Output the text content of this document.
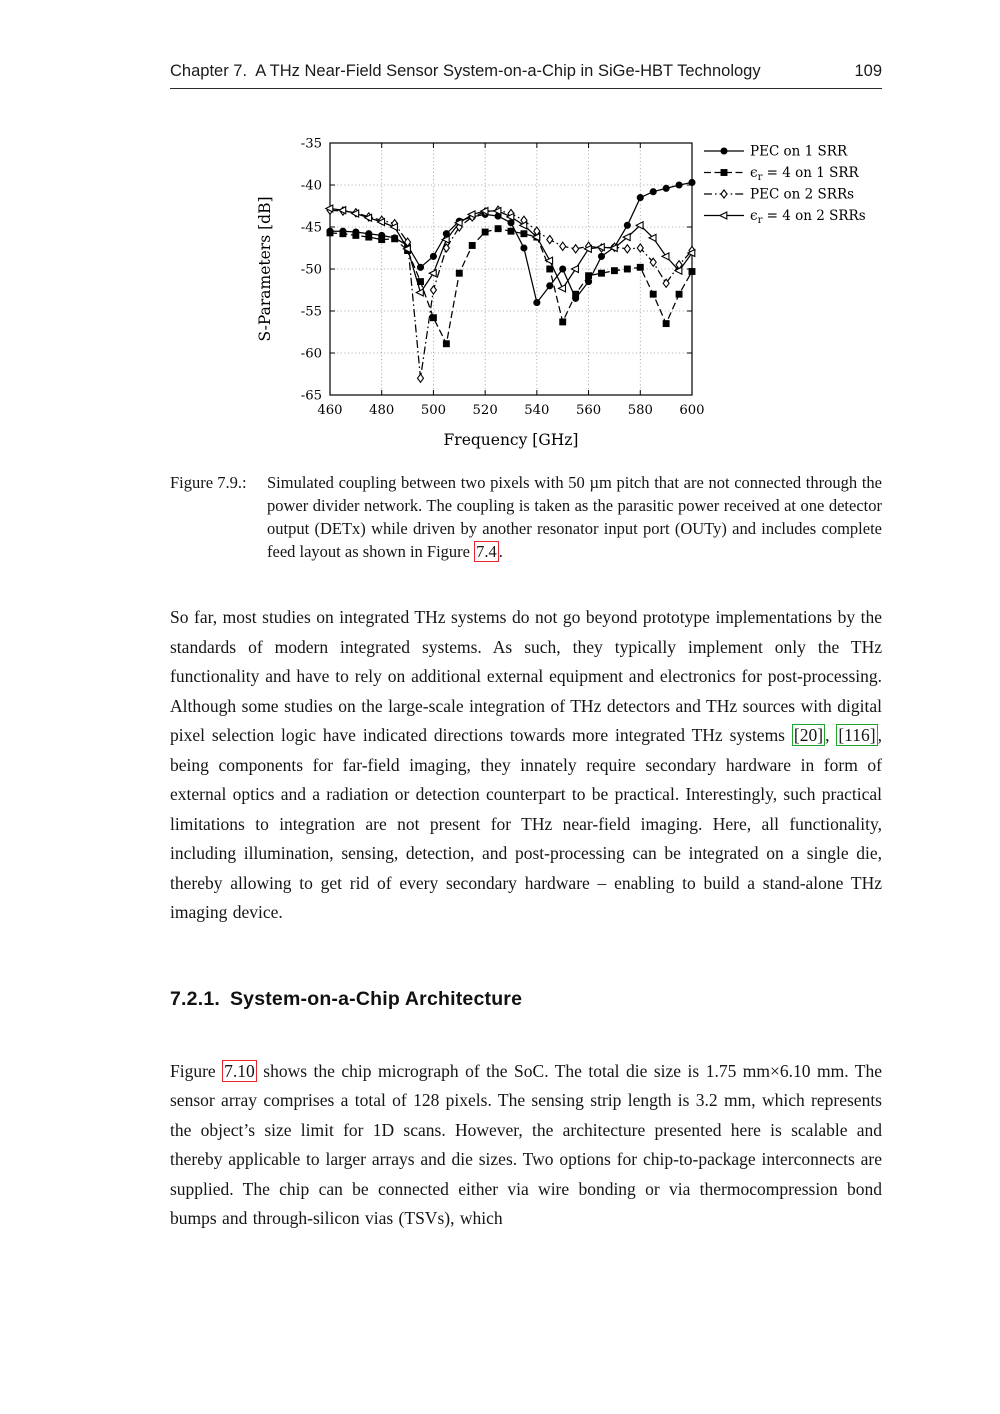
Chapter 7. A THz Near-Field Sensor System-on-a-Chip in SiGe-HBT Technology	109
460 480 500 520 540 560 580 600
-65
-60
-55
-50
-45
-40
-35
Frequency [GHz]
S-Parameters [dB]
PEC on 1 SRR
$\epsilon_r = 4$ on 1 SRR
PEC on 2 SRRs
$\epsilon_r = 4$ on 2 SRRs
Figure 7.9.:	Simulated coupling between two pixels with 50 µm pitch that are not connected through the power divider network. The coupling is taken as the parasitic power received at one detector output (DETx) while driven by another resonator input port (OUTy) and includes complete feed layout as shown in Figure 7.4 .

So far, most studies on integrated THz systems do not go beyond prototype implementations by the standards of modern integrated systems. As such, they typically implement only the THz functionality and have to rely on additional external equipment and electronics for post-processing. Although some studies on the large-scale integration of THz detectors and THz sources with digital pixel selection logic have indicated directions towards more integrated THz systems [20] , [116] , being components for far-field imaging, they innately require secondary hardware in form of external optics and a radiation or detection counterpart to be practical. Interestingly, such practical limitations to integration are not present for THz near-field imaging. Here, all functionality, including illumination, sensing, detection, and post-processing can be integrated on a single die, thereby allowing to get rid of every secondary hardware – enabling to build a stand-alone THz imaging device.

7.2.1. System-on-a-Chip Architecture

Figure 7.10 shows the chip micrograph of the SoC. The total die size is 1.75 mm×6.10 mm. The sensor array comprises a total of 128 pixels. The sensing strip length is 3.2 mm, which represents the object’s size limit for 1D scans. However, the architecture presented here is scalable and thereby applicable to larger arrays and die sizes. Two options for chip-to-package interconnects are supplied. The chip can be connected either via wire bonding or via thermocompression bond bumps and through-silicon vias (TSVs), which
